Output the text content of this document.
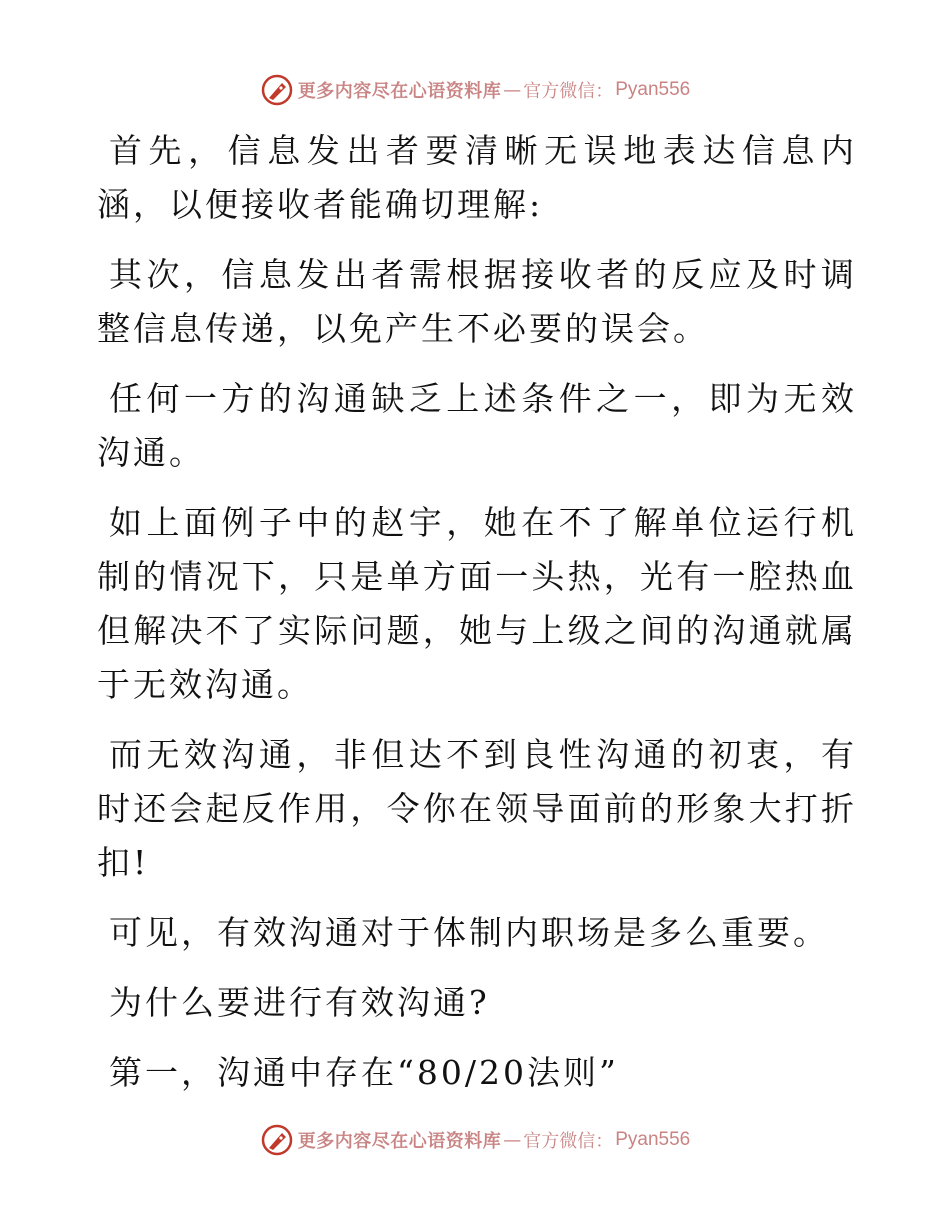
更多内容尽在心语资料库 — 官方微信： Pyan556

首先，信息发出者要清晰无误地表达信息内涵，以便接收者能确切理解:

其次，信息发出者需根据接收者的反应及时调整信息传递，以免产生不必要的误会。

任何一方的沟通缺乏上述条件之一，即为无效沟通。

如上面例子中的赵宇，她在不了解单位运行机制的情况下，只是单方面一头热，光有一腔热血但解决不了实际问题，她与上级之间的沟通就属于无效沟通。

而无效沟通，非但达不到良性沟通的初衷，有时还会起反作用，令你在领导面前的形象大打折扣!

可见，有效沟通对于体制内职场是多么重要。

为什么要进行有效沟通?

第一，沟通中存在“80/20法则”

更多内容尽在心语资料库 — 官方微信： Pyan556
